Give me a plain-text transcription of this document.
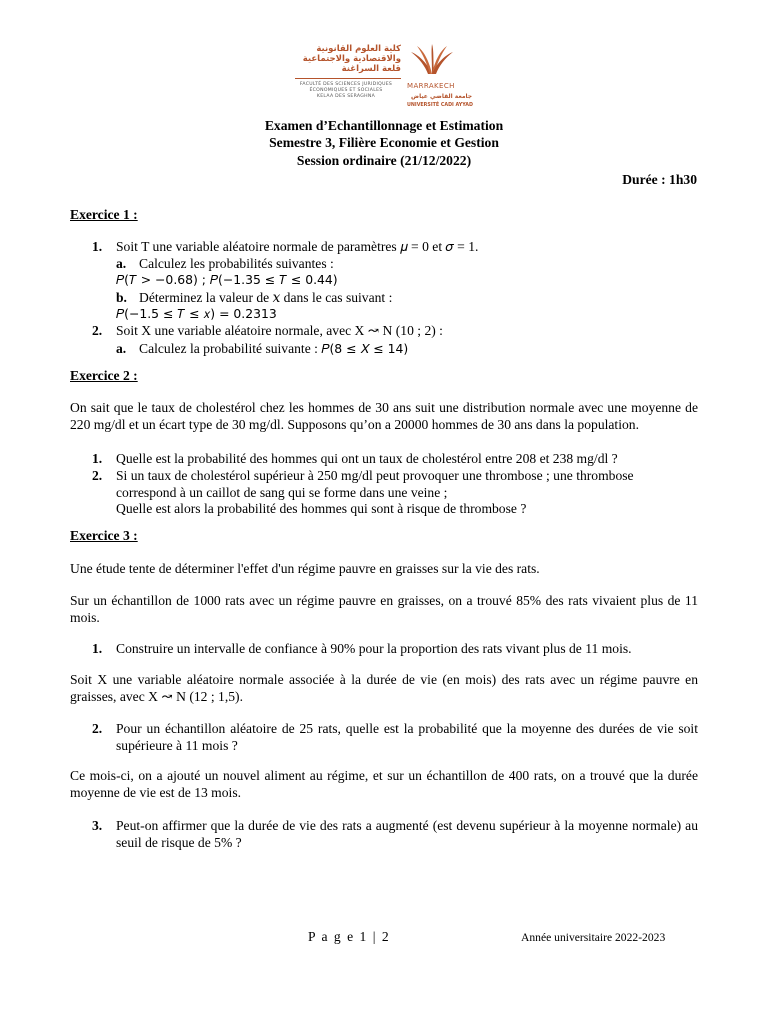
كلية العلوم القانونية
والاقتصادية والاجتماعية
قلعة السراغنة
FACULTÉ DES SCIENCES JURIDIQUES
ÉCONOMIQUES ET SOCIALES
KELAA DES SERAGHNA
MARRAKECH
جامعة القاضي عياض
UNIVERSITÉ CADI AYYAD
Examen d’Echantillonnage et Estimation
Semestre 3, Filière Economie et Gestion
Session ordinaire (21/12/2022)
Durée : 1h30
Exercice 1 :
1. Soit T une variable aléatoire normale de paramètres 𝜇 = 0 et 𝜎 = 1.
a. Calculez les probabilités suivantes :
𝑃(𝑇 > −0.68) ; 𝑃(−1.35 ≤ 𝑇 ≤ 0.44)
b. Déterminez la valeur de 𝑥 dans le cas suivant :
𝑃(−1.5 ≤ 𝑇 ≤ 𝑥) = 0.2313
2. Soit X une variable aléatoire normale, avec X ↝ N (10 ; 2) :
a. Calculez la probabilité suivante : 𝑃(8 ≤ 𝑋 ≤ 14)
Exercice 2 :
On sait que le taux de cholestérol chez les hommes de 30 ans suit une distribution normale avec une moyenne de 220 mg/dl et un écart type de 30 mg/dl. Supposons qu’on a 20000 hommes de 30 ans dans la population.
1. Quelle est la probabilité des hommes qui ont un taux de cholestérol entre 208 et 238 mg/dl ?
2. Si un taux de cholestérol supérieur à 250 mg/dl peut provoquer une thrombose ; une thrombose
correspond à un caillot de sang qui se forme dans une veine ;
Quelle est alors la probabilité des hommes qui sont à risque de thrombose ?
Exercice 3 :
Une étude tente de déterminer l'effet d'un régime pauvre en graisses sur la vie des rats.
Sur un échantillon de 1000 rats avec un régime pauvre en graisses, on a trouvé 85% des rats vivaient plus de 11 mois.
1. Construire un intervalle de confiance à 90% pour la proportion des rats vivant plus de 11 mois.
Soit X une variable aléatoire normale associée à la durée de vie (en mois) des rats avec un régime pauvre en graisses, avec X ↝ N (12 ; 1,5).
2. Pour un échantillon aléatoire de 25 rats, quelle est la probabilité que la moyenne des durées de vie soit supérieure à 11 mois ?
Ce mois-ci, on a ajouté un nouvel aliment au régime, et sur un échantillon de 400 rats, on a trouvé que la durée moyenne de vie est de 13 mois.
3. Peut-on affirmer que la durée de vie des rats a augmenté (est devenu supérieur à la moyenne normale) au seuil de risque de 5% ?
P a g e 1 | 2	Année universitaire 2022-2023
